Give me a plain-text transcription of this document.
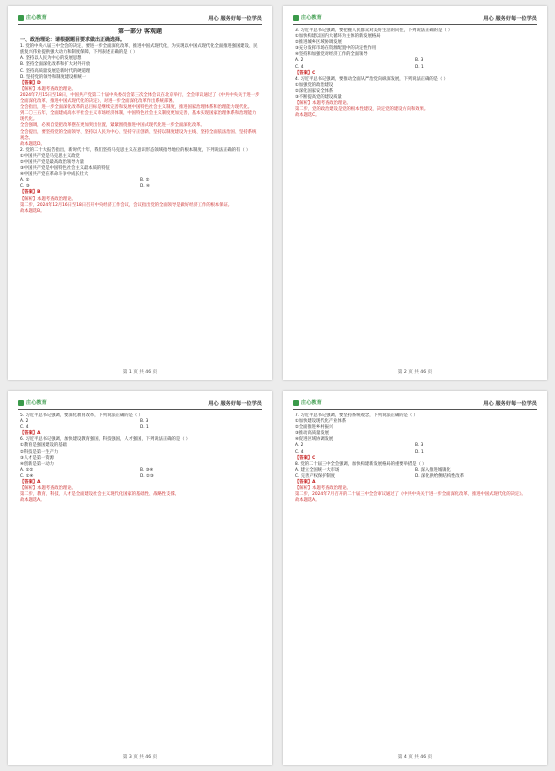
庄心教育	用心 服务好每一位学员
第一部分 客观题
一、政治理论：请根据题目要求做出正确选择。
1. 党的中央八届三中全会的决定，要进一步全面深化改革、推进中国式现代化，为实现以中国式现代化全面推进强国建设、民族复兴伟业提供强大动力和制度保障，下列表述正确的是（ ）
A. 坚持以人民为中心的发展思想
B. 坚持全面深化改革和扩大对外开放
C. 坚持高质量发展是新时代的硬道理
D. 坚持党的领导和制度建设相统一
【答案】D
【解析】本题考查政治理论。
2024年7月15日至18日，中国共产党第二十届中央委员会第三次全体会议在北京举行，全会审议通过了《中共中央关于进一步全面深化改革、推进中国式现代化的决定》，对进一步全面深化改革作出系统部署。
全会指出，进一步全面深化改革的总目标是继续完善和发展中国特色社会主义制度，推进国家治理体系和治理能力现代化。
到二〇三五年，全面建成高水平社会主义市场经济体制，中国特色社会主义制度更加完善，基本实现国家治理体系和治理能力现代化。
全会强调，必须自觉把改革摆在更加突出位置，紧紧围绕推进中国式现代化进一步全面深化改革。
全会提出，要坚持党的全面领导、坚持以人民为中心、坚持守正创新、坚持以制度建设为主线、坚持全面依法治国、坚持系统观念。
故本题选D。
2. 党的二十大报告指出，新时代十年，我们坚持马克思主义在意识形态领域指导地位的根本制度，下列说法正确的有（ ）
①中国共产党是马克思主义政党
②中国共产党是最高政治领导力量
③中国共产党是中国特色社会主义最本质的特征
④中国共产党在革命斗争中成长壮大
A. ①	B. ②
C. ③	D. ④
【答案】B
【解析】本题考查政治理论。
第二步，2024年12月16日至18日召开中央经济工作会议，会议指出党的全面领导是做好经济工作的根本保证。
故本题选B。
第 1 页 共 46 页
庄心教育	用心 服务好每一位学员
3. 习近平总书记强调，要把握人民群众对美好生活的向往，下列说法正确的是（ ）
①加快构建以国内大循环为主体的新发展格局
②推进城乡区域协调发展
③充分发挥市场在资源配置中的决定性作用
④坚持和加强党对经济工作的全面领导
A. 2	B. 3
C. 4	D. 1
【答案】C
4. 习近平总书记强调，要推动全面从严治党向纵深发展，下列说法正确的是（ ）
①加强党的政治建设
②深化国家安全体系
③不断提高党的建设质量
【解析】本题考查政治理论。
第二步，党的政治建设是党的根本性建设，决定党的建设方向和效果。
故本题选C。
第 2 页 共 46 页
庄心教育	用心 服务好每一位学员
5. 习近平总书记强调，要深化教育改革，下列说法正确的是（ ）
A. 2	B. 3
C. 4	D. 1
【答案】A
6. 习近平总书记强调，加快建设教育强国，科技强国，人才强国，下列说法正确的是（ ）
①教育是强国建设的基础
②科技是第一生产力
③人才是第一资源
④创新是第一动力
A. ①②	B. ③④
C. ①④	D. ②③
【答案】A
【解析】本题考查政治理论。
第二步，教育、科技、人才是全面建设社会主义现代化国家的基础性、战略性支撑。
故本题选A。
第 3 页 共 46 页
庄心教育	用心 服务好每一位学员
7. 习近平总书记强调，要坚持系统观念，下列说法正确的是（ ）
①加快建设现代化产业体系
②全面推进乡村振兴
③推动高质量发展
④促进区域协调发展
A. 2	B. 3
C. 4	D. 1
【答案】C
8. 党的二十届三中全会强调，加快构建新发展格局的重要举措是（ ）
A. 建立全国统一大市场	B. 深入推进城镇化
C. 完善产权保护制度	D. 深化供给侧结构性改革
【答案】A
【解析】本题考查政治理论。
第二步，2024年7月召开的二十届三中全会审议通过了《中共中央关于进一步全面深化改革、推进中国式现代化的决定》。
故本题选A。
第 4 页 共 46 页
